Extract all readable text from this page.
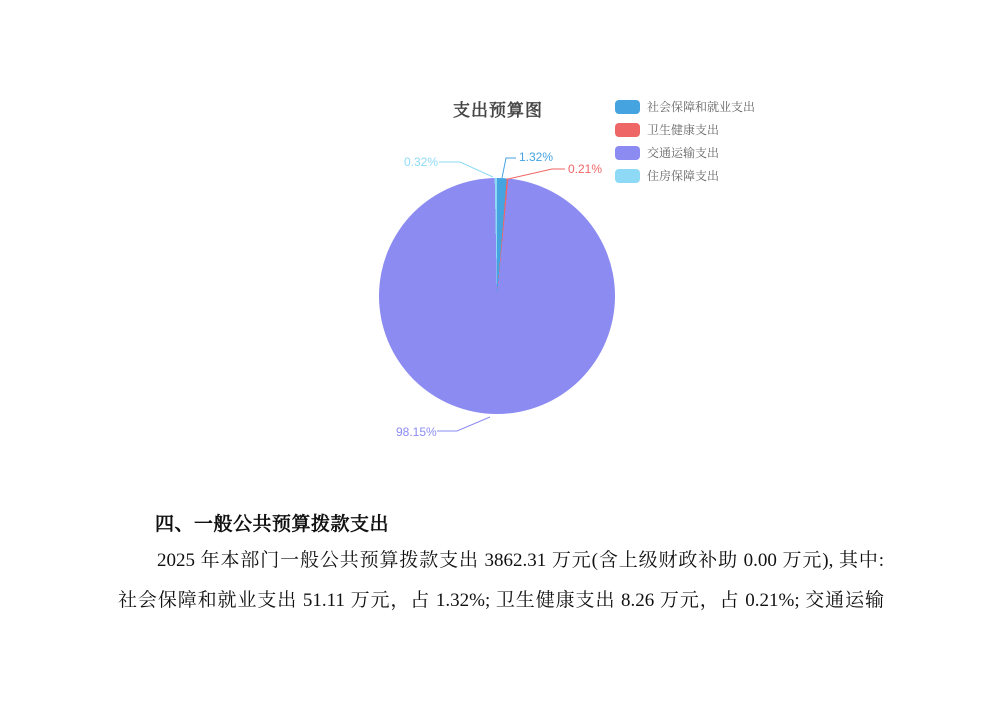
支出预算图	社会保障和就业支出
卫生健康支出
交通运输支出
住房保障支出
1.32%
0.21%
98.15%
0.32%
四、一般公共预算拨款支出
2025 年本部门一般公共预算拨款支出 3862.31 万元(含上级财政补助 0.00 万元), 其中:
社会保障和就业支出 51.11 万元，占 1.32%; 卫生健康支出 8.26 万元，占 0.21%; 交通运输
